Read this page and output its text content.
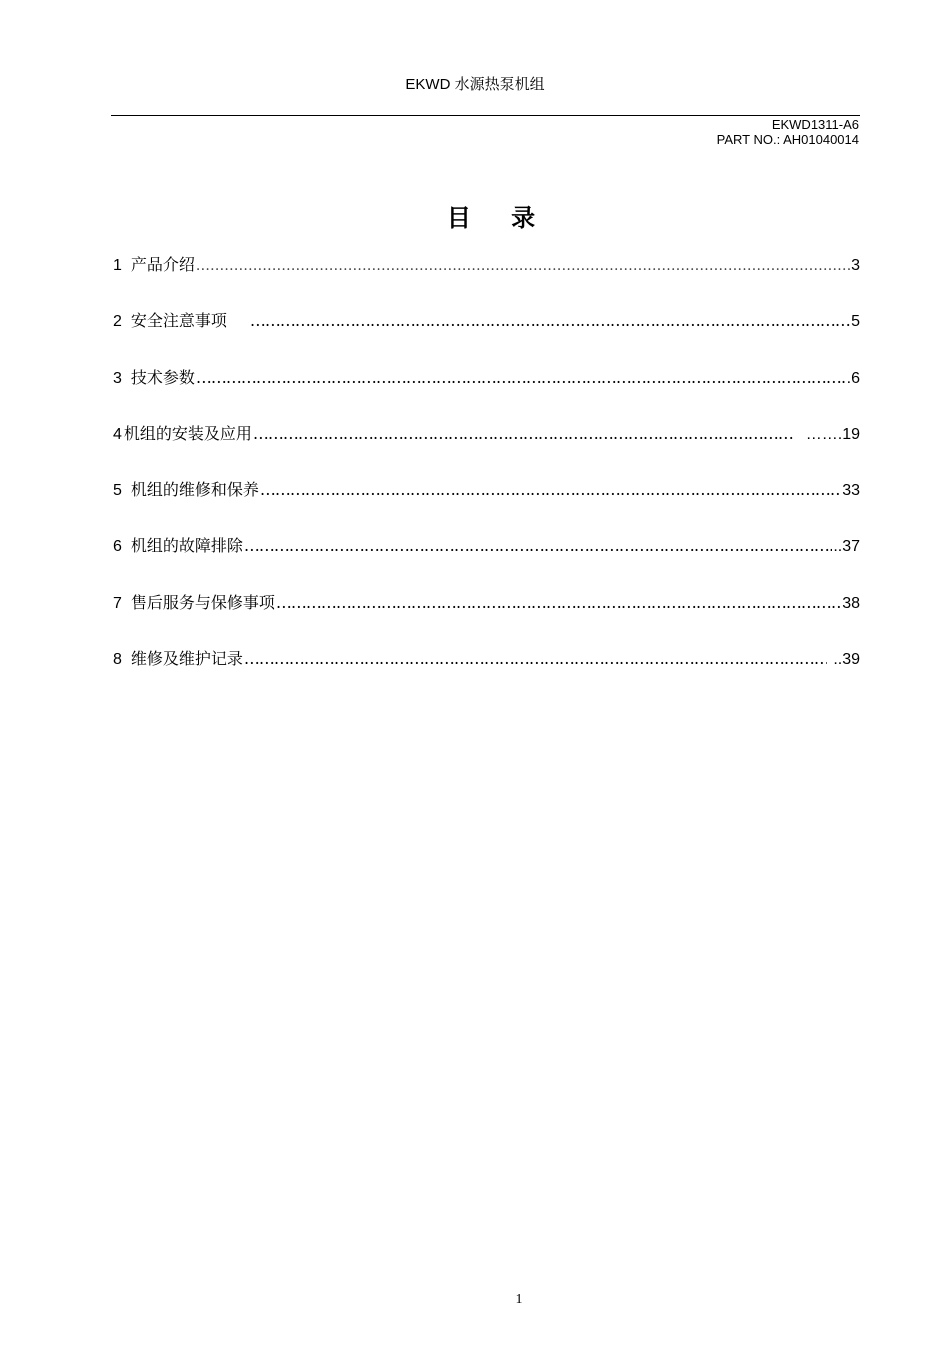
EKWD 水源热泵机组
EKWD1311-A6
PART NO.: AH01040014
目 录
1 产品介绍 .....	3
2 安全注意事项 ………………………………………………………………………………………………………………………………………………………………………………………………	5
3 技术参数 ………………………………………………………………………………………………………………………………………………………………………………………………	.6
4 机组的安装及应用 ………………………………………………………………………………………………………………………………………………………………………………………………	…….19
5 机组的维修和保养 ………………………………………………………………………………………………………………………………………………………………………………………………	33
6 机组的故障排除 ………………………………………………………………………………………………………………………………………………………………………………………………	..37
7 售后服务与保修事项 ………………………………………………………………………………………………………………………………………………………………………………………………	38
8 维修及维护记录 ………………………………………………………………………………………………………………………………………………………………………………………………	..39
1
